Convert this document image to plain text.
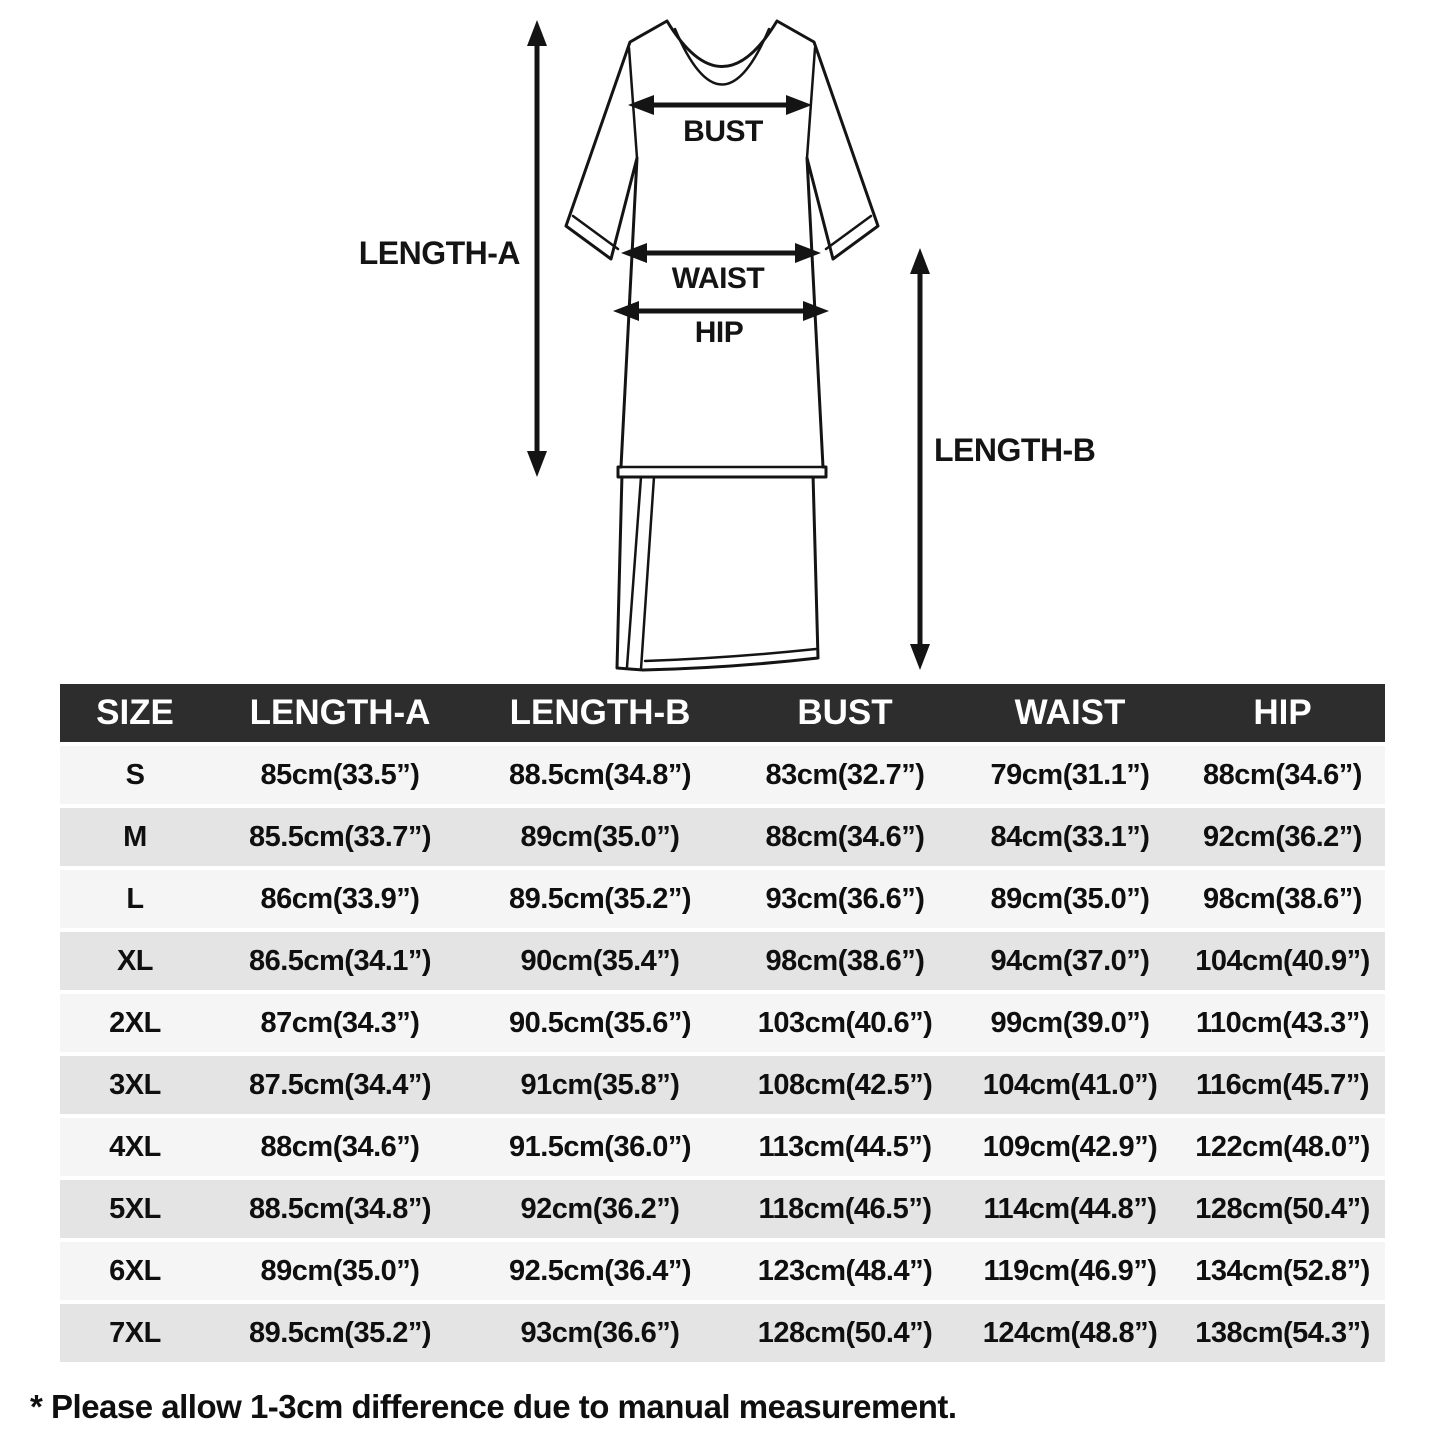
BUST
WAIST
HIP
LENGTH-A
LENGTH-B
SIZE	LENGTH-A	LENGTH-B	BUST	WAIST	HIP
S	85cm(33.5”)	88.5cm(34.8”)	83cm(32.7”)	79cm(31.1”)	88cm(34.6”)
M	85.5cm(33.7”)	89cm(35.0”)	88cm(34.6”)	84cm(33.1”)	92cm(36.2”)
L	86cm(33.9”)	89.5cm(35.2”)	93cm(36.6”)	89cm(35.0”)	98cm(38.6”)
XL	86.5cm(34.1”)	90cm(35.4”)	98cm(38.6”)	94cm(37.0”)	104cm(40.9”)
2XL	87cm(34.3”)	90.5cm(35.6”)	103cm(40.6”)	99cm(39.0”)	110cm(43.3”)
3XL	87.5cm(34.4”)	91cm(35.8”)	108cm(42.5”)	104cm(41.0”)	116cm(45.7”)
4XL	88cm(34.6”)	91.5cm(36.0”)	113cm(44.5”)	109cm(42.9”)	122cm(48.0”)
5XL	88.5cm(34.8”)	92cm(36.2”)	118cm(46.5”)	114cm(44.8”)	128cm(50.4”)
6XL	89cm(35.0”)	92.5cm(36.4”)	123cm(48.4”)	119cm(46.9”)	134cm(52.8”)
7XL	89.5cm(35.2”)	93cm(36.6”)	128cm(50.4”)	124cm(48.8”)	138cm(54.3”)
* Please allow 1-3cm difference due to manual measurement.
